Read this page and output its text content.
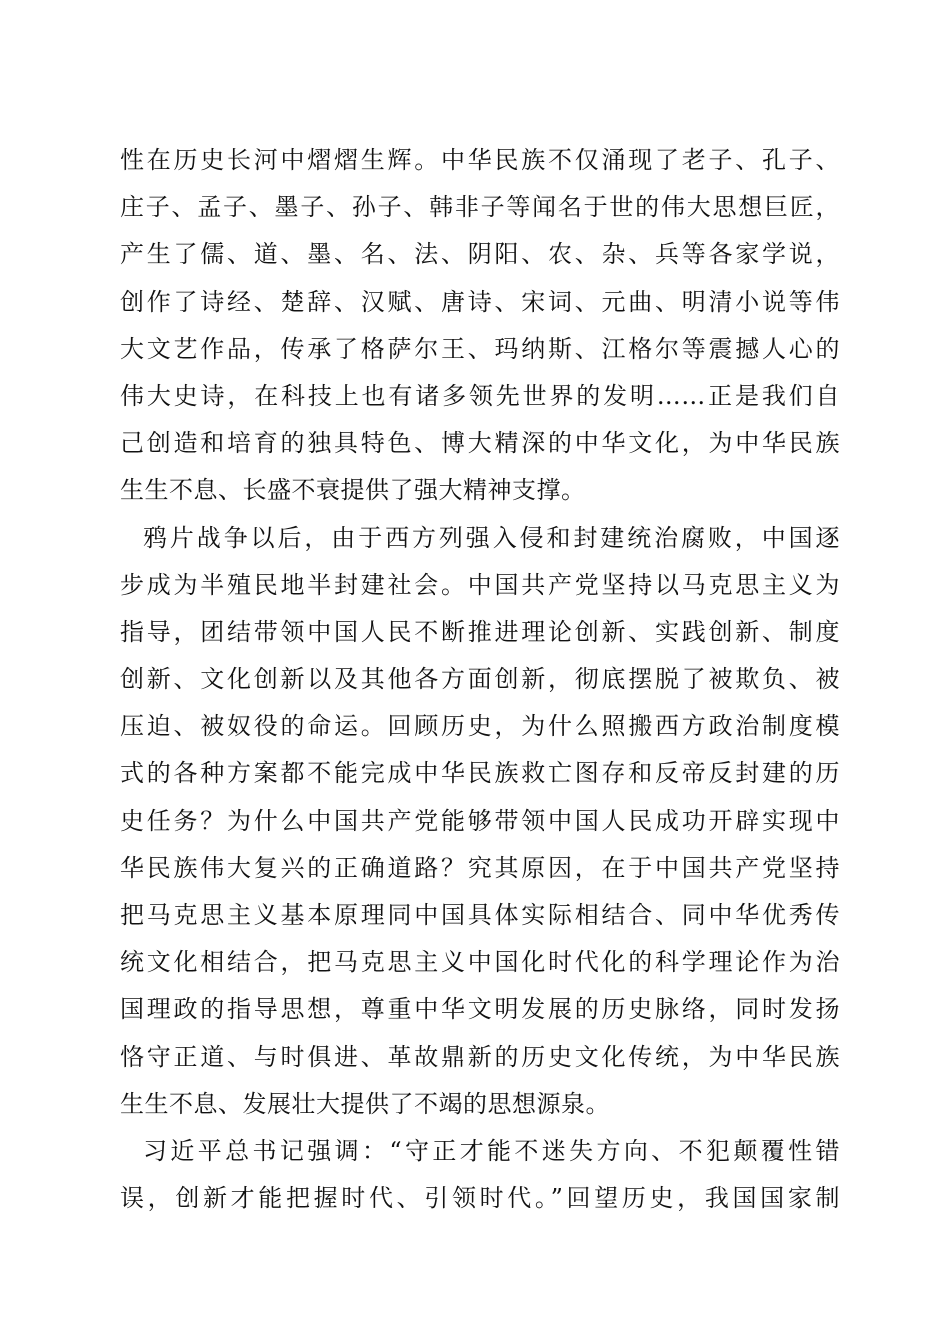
性在历史长河中熠熠生辉。中华民族不仅涌现了老子、孔子、
庄子、孟子、墨子、孙子、韩非子等闻名于世的伟大思想巨匠，
产生了儒、道、墨、名、法、阴阳、农、杂、兵等各家学说，
创作了诗经、楚辞、汉赋、唐诗、宋词、元曲、明清小说等伟
大文艺作品，传承了格萨尔王、玛纳斯、江格尔等震撼人心的
伟大史诗，在科技上也有诸多领先世界的发明……正是我们自
己创造和培育的独具特色、博大精深的中华文化，为中华民族
生生不息、长盛不衰提供了强大精神支撑。
鸦片战争以后，由于西方列强入侵和封建统治腐败，中国逐
步成为半殖民地半封建社会。中国共产党坚持以马克思主义为
指导，团结带领中国人民不断推进理论创新、实践创新、制度
创新、文化创新以及其他各方面创新，彻底摆脱了被欺负、被
压迫、被奴役的命运。回顾历史，为什么照搬西方政治制度模
式的各种方案都不能完成中华民族救亡图存和反帝反封建的历
史任务？为什么中国共产党能够带领中国人民成功开辟实现中
华民族伟大复兴的正确道路？究其原因，在于中国共产党坚持
把马克思主义基本原理同中国具体实际相结合、同中华优秀传
统文化相结合，把马克思主义中国化时代化的科学理论作为治
国理政的指导思想，尊重中华文明发展的历史脉络，同时发扬
恪守正道、与时俱进、革故鼎新的历史文化传统，为中华民族
生生不息、发展壮大提供了不竭的思想源泉。
习近平总书记强调：“守正才能不迷失方向、不犯颠覆性错
误，创新才能把握时代、引领时代。”回望历史，我国国家制
